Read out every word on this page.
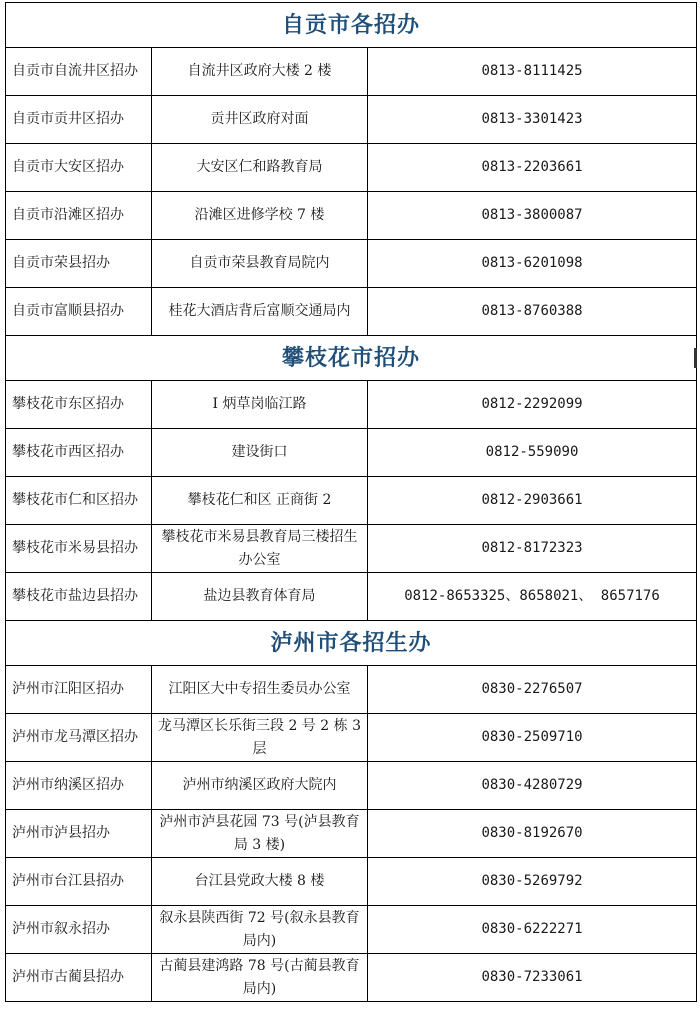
自贡市各招办		
自贡市自流井区招办	自流井区政府大楼 2 楼	0813-8111425
自贡市贡井区招办	贡井区政府对面	0813-3301423
自贡市大安区招办	大安区仁和路教育局	0813-2203661
自贡市沿滩区招办	沿滩区进修学校 7 楼	0813-3800087
自贡市荣县招办	自贡市荣县教育局院内	0813-6201098
自贡市富顺县招办	桂花大酒店背后富顺交通局内	0813-8760388
攀枝花市招办		
攀枝花市东区招办	I 炳草岗临江路	0812-2292099
攀枝花市西区招办	建设街口	0812-559090
攀枝花市仁和区招办	攀枝花仁和区 正商街 2	0812-2903661
攀枝花市米易县招办	攀枝花市米易县教育局三楼招生办公室	0812-8172323
攀枝花市盐边县招办	盐边县教育体育局	0812-8653325、8658021、 8657176
泸州市各招生办		
泸州市江阳区招办	江阳区大中专招生委员办公室	0830-2276507
泸州市龙马潭区招办	龙马潭区长乐街三段 2 号 2 栋 3 层	0830-2509710
泸州市纳溪区招办	泸州市纳溪区政府大院内	0830-4280729
泸州市泸县招办	泸州市泸县花园 73 号(泸县教育局 3 楼)	0830-8192670
泸州市台江县招办	台江县党政大楼 8 楼	0830-5269792
泸州市叙永招办	叙永县陕西街 72 号(叙永县教育局内)	0830-6222271
泸州市古蔺县招办	古蔺县建鸿路 78 号(古蔺县教育局内)	0830-7233061
